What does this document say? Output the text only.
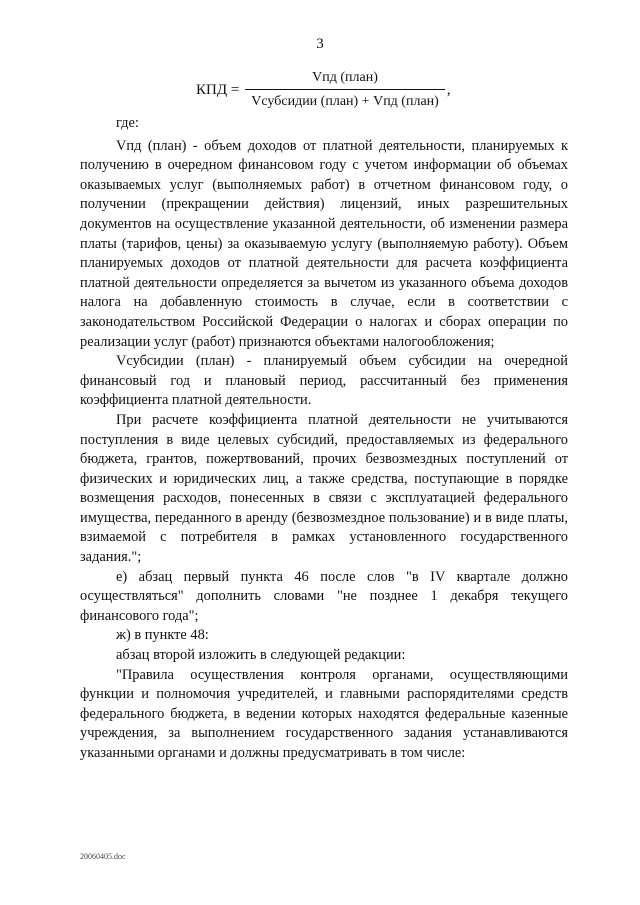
3
КПД = $\frac{\text{Vпд (план)}}{\text{Vсубсидии (план) + Vпд (план)}}$ ,

где:

Vпд (план) - объем доходов от платной деятельности, планируемых к получению в очередном финансовом году с учетом информации об объемах оказываемых услуг (выполняемых работ) в отчетном финансовом году, о получении (прекращении действия) лицензий, иных разрешительных документов на осуществление указанной деятельности, об изменении размера платы (тарифов, цены) за оказываемую услугу (выполняемую работу). Объем планируемых доходов от платной деятельности для расчета коэффициента платной деятельности определяется за вычетом из указанного объема доходов налога на добавленную стоимость в случае, если в соответствии с законодательством Российской Федерации о налогах и сборах операции по реализации услуг (работ) признаются объектами налогообложения;

Vсубсидии (план) - планируемый объем субсидии на очередной финансовый год и плановый период, рассчитанный без применения коэффициента платной деятельности.

При расчете коэффициента платной деятельности не учитываются поступления в виде целевых субсидий, предоставляемых из федерального бюджета, грантов, пожертвований, прочих безвозмездных поступлений от физических и юридических лиц, а также средства, поступающие в порядке возмещения расходов, понесенных в связи с эксплуатацией федерального имущества, переданного в аренду (безвозмездное пользование) и в виде платы, взимаемой с потребителя в рамках установленного государственного задания.";

е) абзац первый пункта 46 после слов "в IV квартале должно осуществляться" дополнить словами "не позднее 1 декабря текущего финансового года";

ж) в пункте 48:

абзац второй изложить в следующей редакции:

"Правила осуществления контроля органами, осуществляющими функции и полномочия учредителей, и главными распорядителями средств федерального бюджета, в ведении которых находятся федеральные казенные учреждения, за выполнением государственного задания устанавливаются указанными органами и должны предусматривать в том числе:

20060405.doc
